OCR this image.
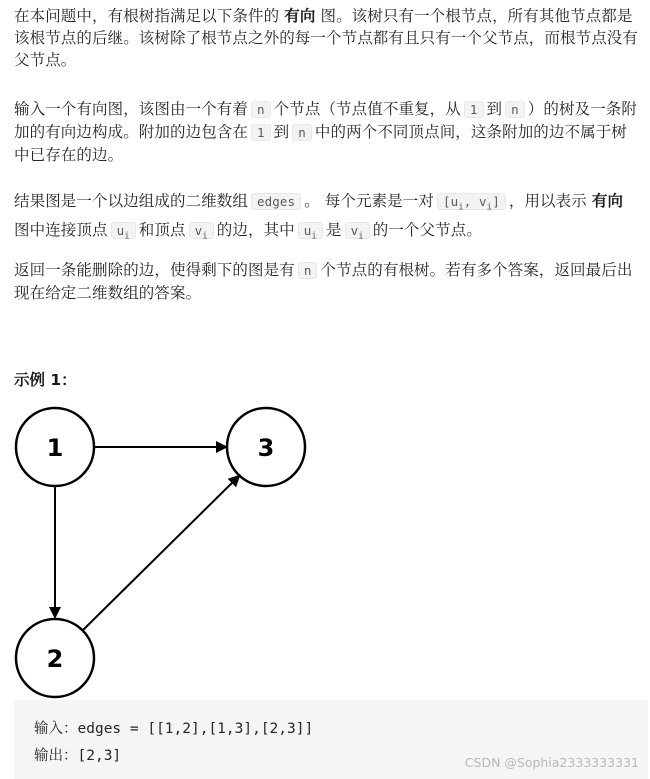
在本问题中，有根树指满足以下条件的 有向 图。该树只有一个根节点，所有其他节点都是该根节点的后继。该树除了根节点之外的每一个节点都有且只有一个父节点，而根节点没有父节点。
输入一个有向图，该图由一个有着 n 个节点（节点值不重复，从 1 到 n ）的树及一条附加的有向边构成。附加的边包含在 1 到 n 中的两个不同顶点间，这条附加的边不属于树中已存在的边。
结果图是一个以边组成的二维数组 edges 。 每个元素是一对 [$u_i$, $v_i$] ，用以表示 有向 图中连接顶点 $u_i$ 和顶点 $v_i$ 的边，其中 $u_i$ 是 $v_i$ 的一个父节点。
返回一条能删除的边，使得剩下的图是有 n 个节点的有根树。若有多个答案，返回最后出现在给定二维数组的答案。
示例 1：
1	3
2
输入：edges = [[1,2],[1,3],[2,3]]
输出：[2,3]	CSDN @Sophia2333333331
